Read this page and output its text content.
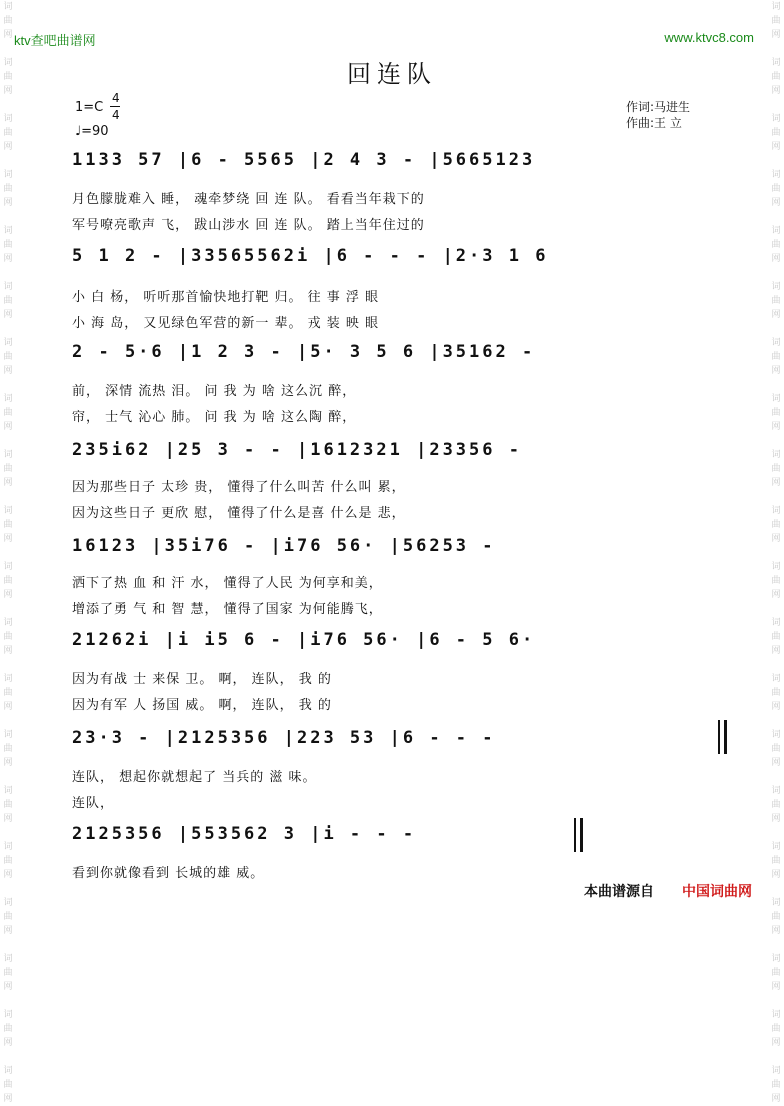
词
曲
网

词
曲
网

词
曲
网

词
曲
网

词
曲
网

词
曲
网

词
曲
网

词
曲
网

词
曲
网

词
曲
网

词
曲
网

词
曲
网

词
曲
网

词
曲
网

词
曲
网

词
曲
网

词
曲
网

词
曲
网

词
曲
网

词
曲
网

词
曲
网

词
曲
网

词
曲
网

词
曲
网

词
曲
网

词
曲
网

词
曲
网

词
曲
网

词
曲
网

词
曲
网

词
曲
网

词
曲
网

词
曲
网

词
曲
网

词
曲
网

词
曲
网

词
曲
网

词
曲
网

词
曲
网

词
曲
网

ktv查吧曲谱网	www.ktvc8.com
回连队
1=C
4
4
♩=90
作词:马进生
作曲:王 立
1133 57 |6 - 5565 |2 4 3 - |5665123
月色朦胧难入 睡， 魂牵梦绕 回 连 队。 看看当年栽下的
军号嘹亮歌声 飞， 跋山涉水 回 连 队。 踏上当年住过的
5 1 2 - |33565562i |6 - - - |2·3 1 6
小 白 杨， 听听那首愉快地打靶 归。 往 事 浮 眼
小 海 岛， 又见绿色军营的新一 辈。 戎 装 映 眼
2 - 5·6 |1 2 3 - |5· 3 5 6 |35162 -
前， 深情 流热 泪。 问 我 为 啥 这么沉 醉，
帘， 士气 沁心 肺。 问 我 为 啥 这么陶 醉，
235i62 |25 3 - - |1612321 |23356 -
因为那些日子 太珍 贵， 懂得了什么叫苦 什么叫 累，
因为这些日子 更欣 慰， 懂得了什么是喜 什么是 悲，
16123 |35i76 - |i76 56· |56253 -
洒下了热 血 和 汗 水， 懂得了人民 为何享和美，
增添了勇 气 和 智 慧， 懂得了国家 为何能腾飞，
21262i |i i5 6 - |i76 56· |6 - 5 6·
因为有战 士 来保 卫。 啊， 连队， 我 的
因为有军 人 扬国 威。 啊， 连队， 我 的
23·3 - |2125356 |223 53 |6 - - -
连队， 想起你就想起了 当兵的 滋 味。
连队，
2125356 |553562 3 |i - - -
看到你就像看到 长城的雄 威。
本曲谱源自 中国词曲网
